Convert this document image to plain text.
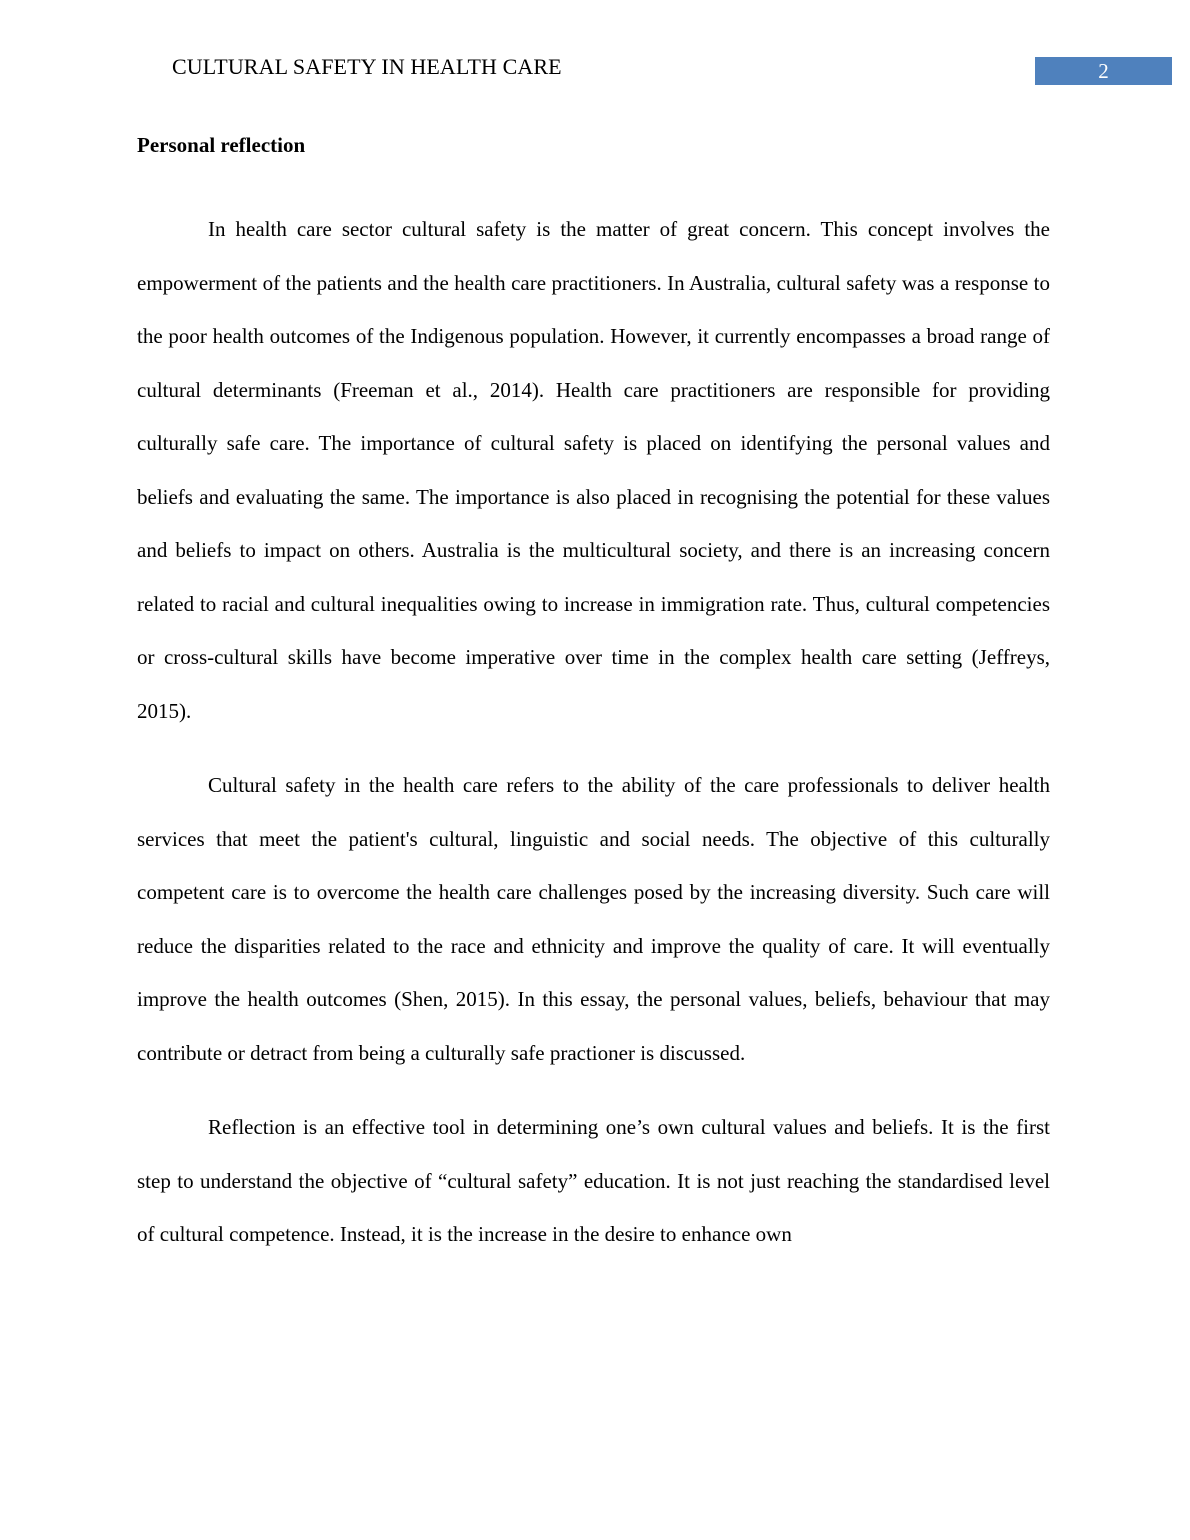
CULTURAL SAFETY IN HEALTH CARE	2
Personal reflection

In health care sector cultural safety is the matter of great concern. This concept involves the empowerment of the patients and the health care practitioners. In Australia, cultural safety was a response to the poor health outcomes of the Indigenous population. However, it currently encompasses a broad range of cultural determinants (Freeman et al., 2014). Health care practitioners are responsible for providing culturally safe care. The importance of cultural safety is placed on identifying the personal values and beliefs and evaluating the same. The importance is also placed in recognising the potential for these values and beliefs to impact on others. Australia is the multicultural society, and there is an increasing concern related to racial and cultural inequalities owing to increase in immigration rate. Thus, cultural competencies or cross-cultural skills have become imperative over time in the complex health care setting (Jeffreys, 2015).

Cultural safety in the health care refers to the ability of the care professionals to deliver health services that meet the patient's cultural, linguistic and social needs. The objective of this culturally competent care is to overcome the health care challenges posed by the increasing diversity. Such care will reduce the disparities related to the race and ethnicity and improve the quality of care. It will eventually improve the health outcomes (Shen, 2015). In this essay, the personal values, beliefs, behaviour that may contribute or detract from being a culturally safe practioner is discussed.

Reflection is an effective tool in determining one’s own cultural values and beliefs. It is the first step to understand the objective of “cultural safety” education. It is not just reaching the standardised level of cultural competence. Instead, it is the increase in the desire to enhance own
